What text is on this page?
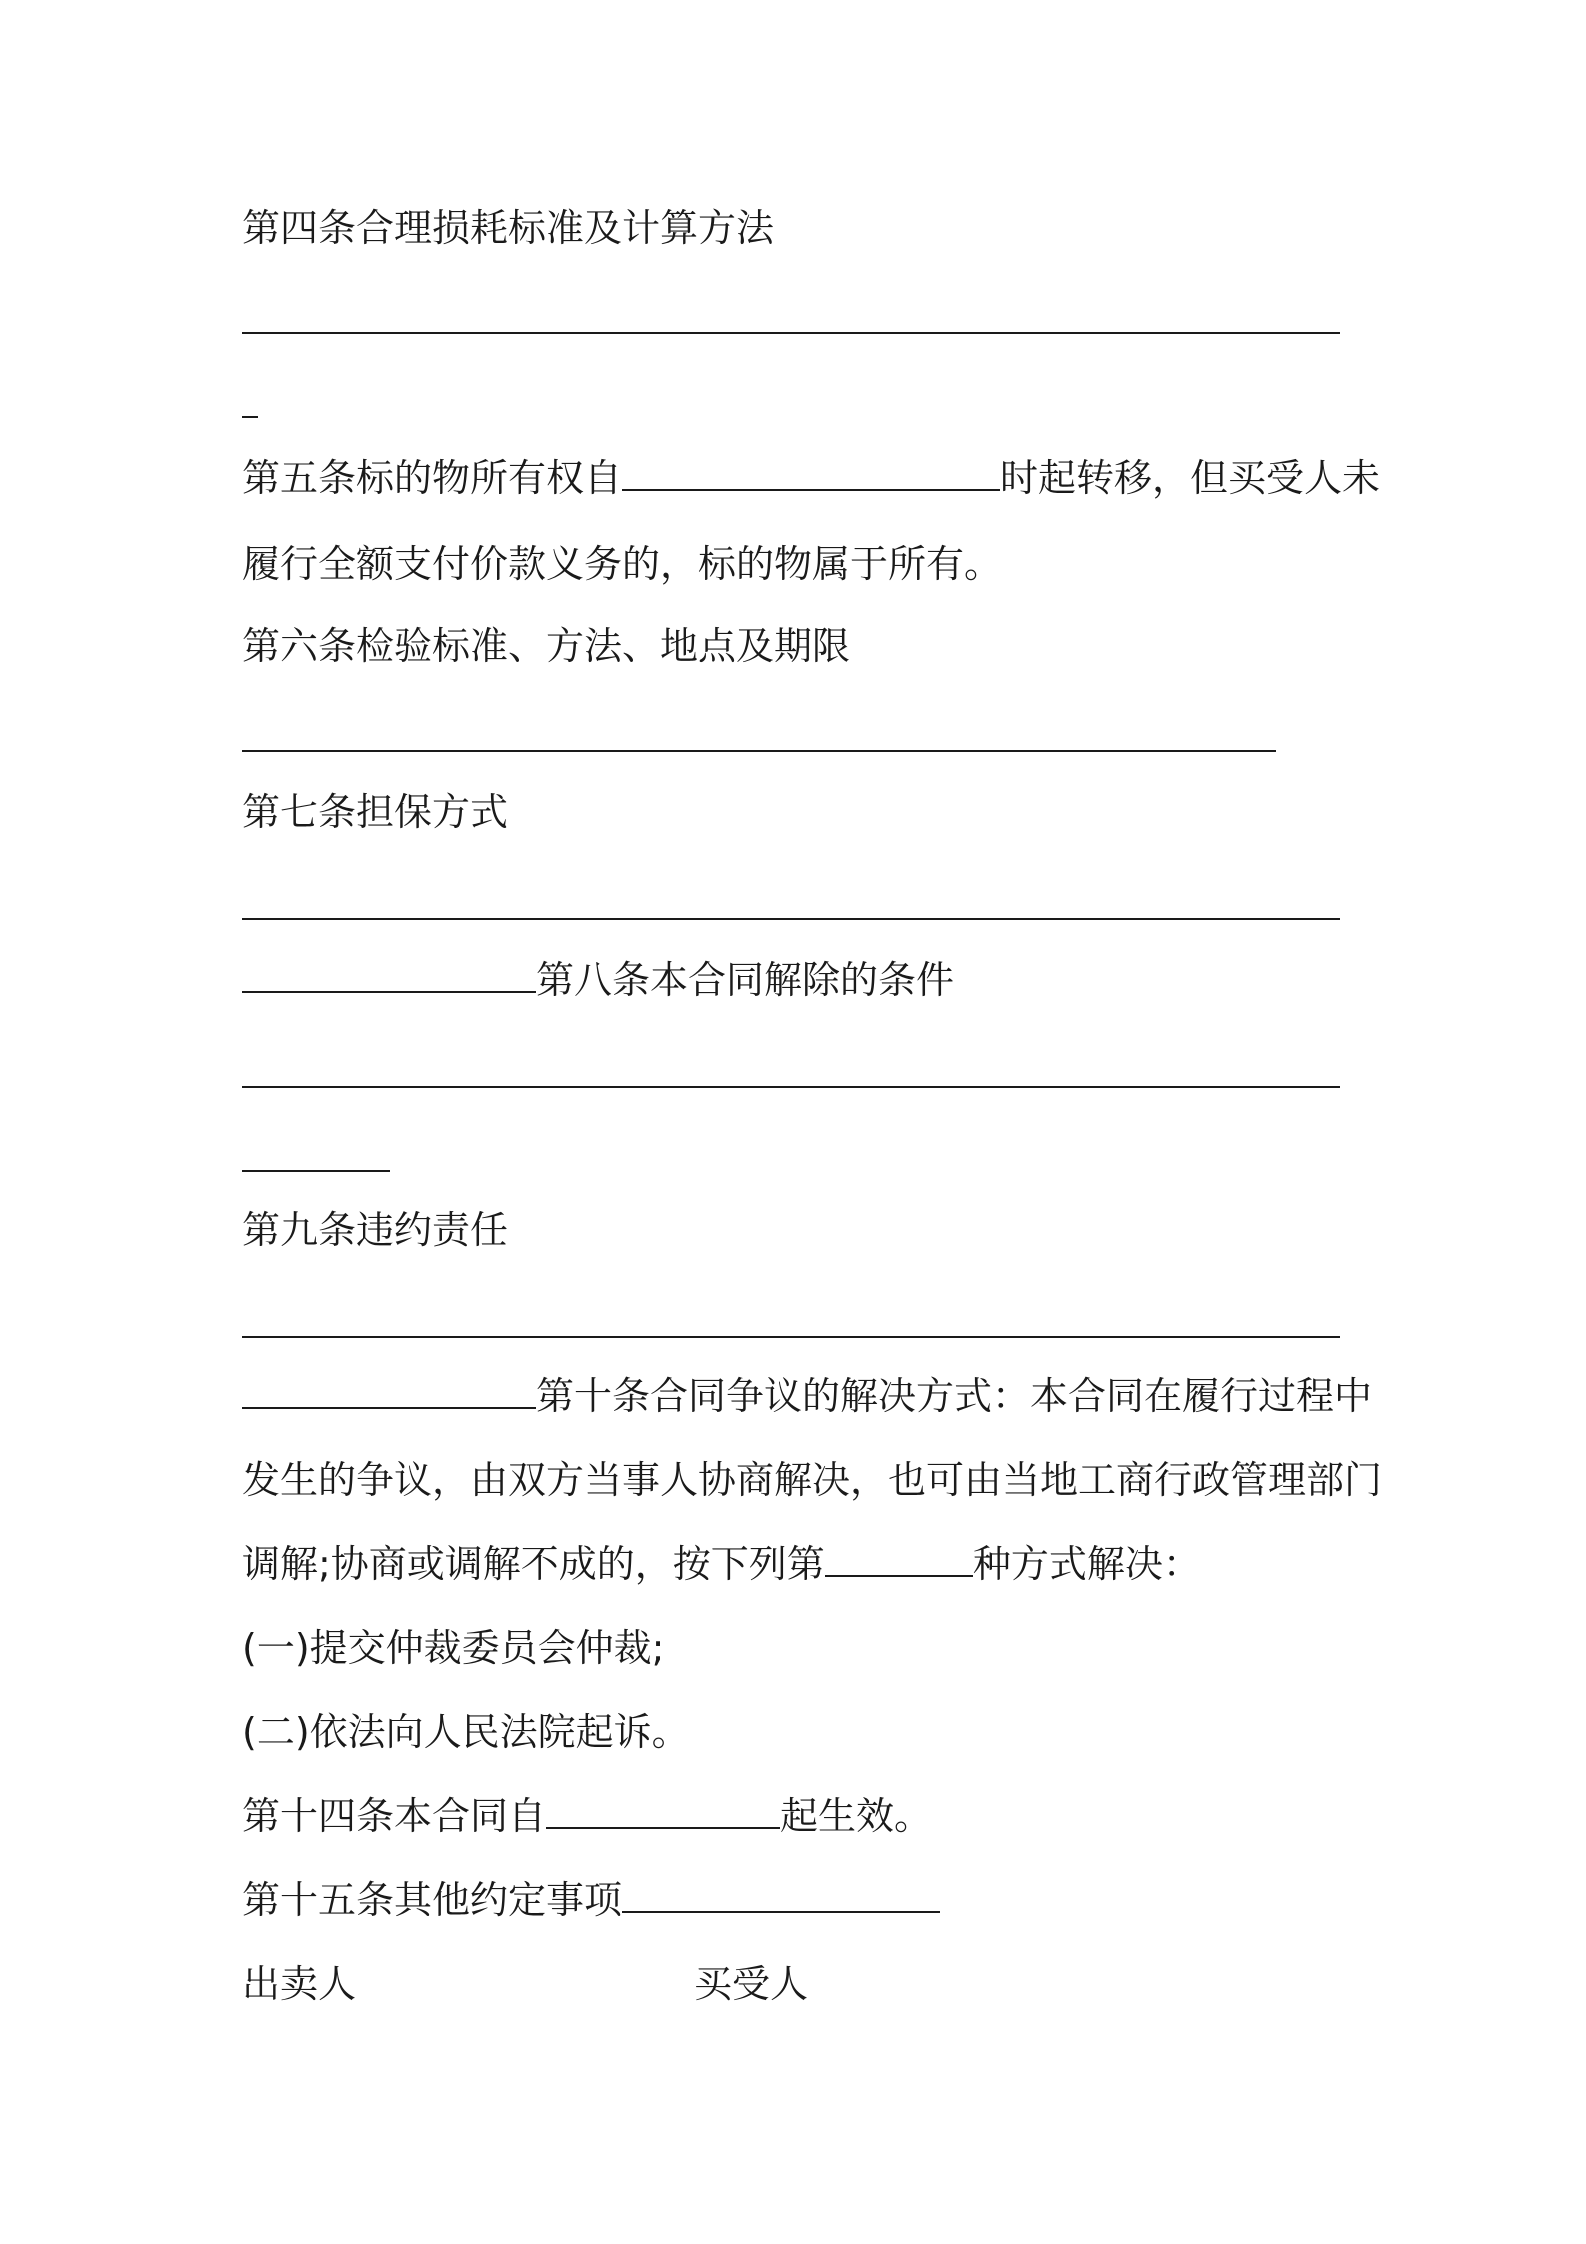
第四条合理损耗标准及计算方法
第五条标的物所有权自	时起转移，但买受人未
履行全额支付价款义务的，标的物属于所有。
第六条检验标准、方法、地点及期限
第七条担保方式
第八条本合同解除的条件
第九条违约责任
第十条合同争议的解决方式：本合同在履行过程中
发生的争议，由双方当事人协商解决，也可由当地工商行政管理部门
调解;协商或调解不成的，按下列第	种方式解决：
(一)提交仲裁委员会仲裁;
(二)依法向人民法院起诉。
第十四条本合同自	起生效。
第十五条其他约定事项
出卖人	买受人
